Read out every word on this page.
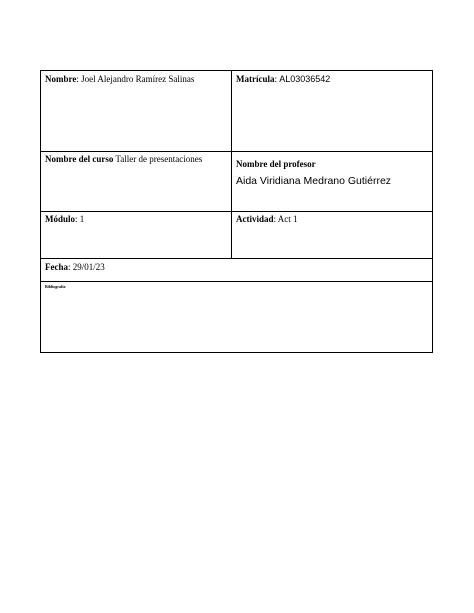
Nombre: Joel Alejandro Ramírez Salinas	Matrícula: AL03036542
Nombre del curso Taller de presentaciones	Nombre del profesor
Aida Viridiana Medrano Gutiérrez
Módulo: 1	Actividad: Act 1
Fecha: 29/01/23
Bibliografía
